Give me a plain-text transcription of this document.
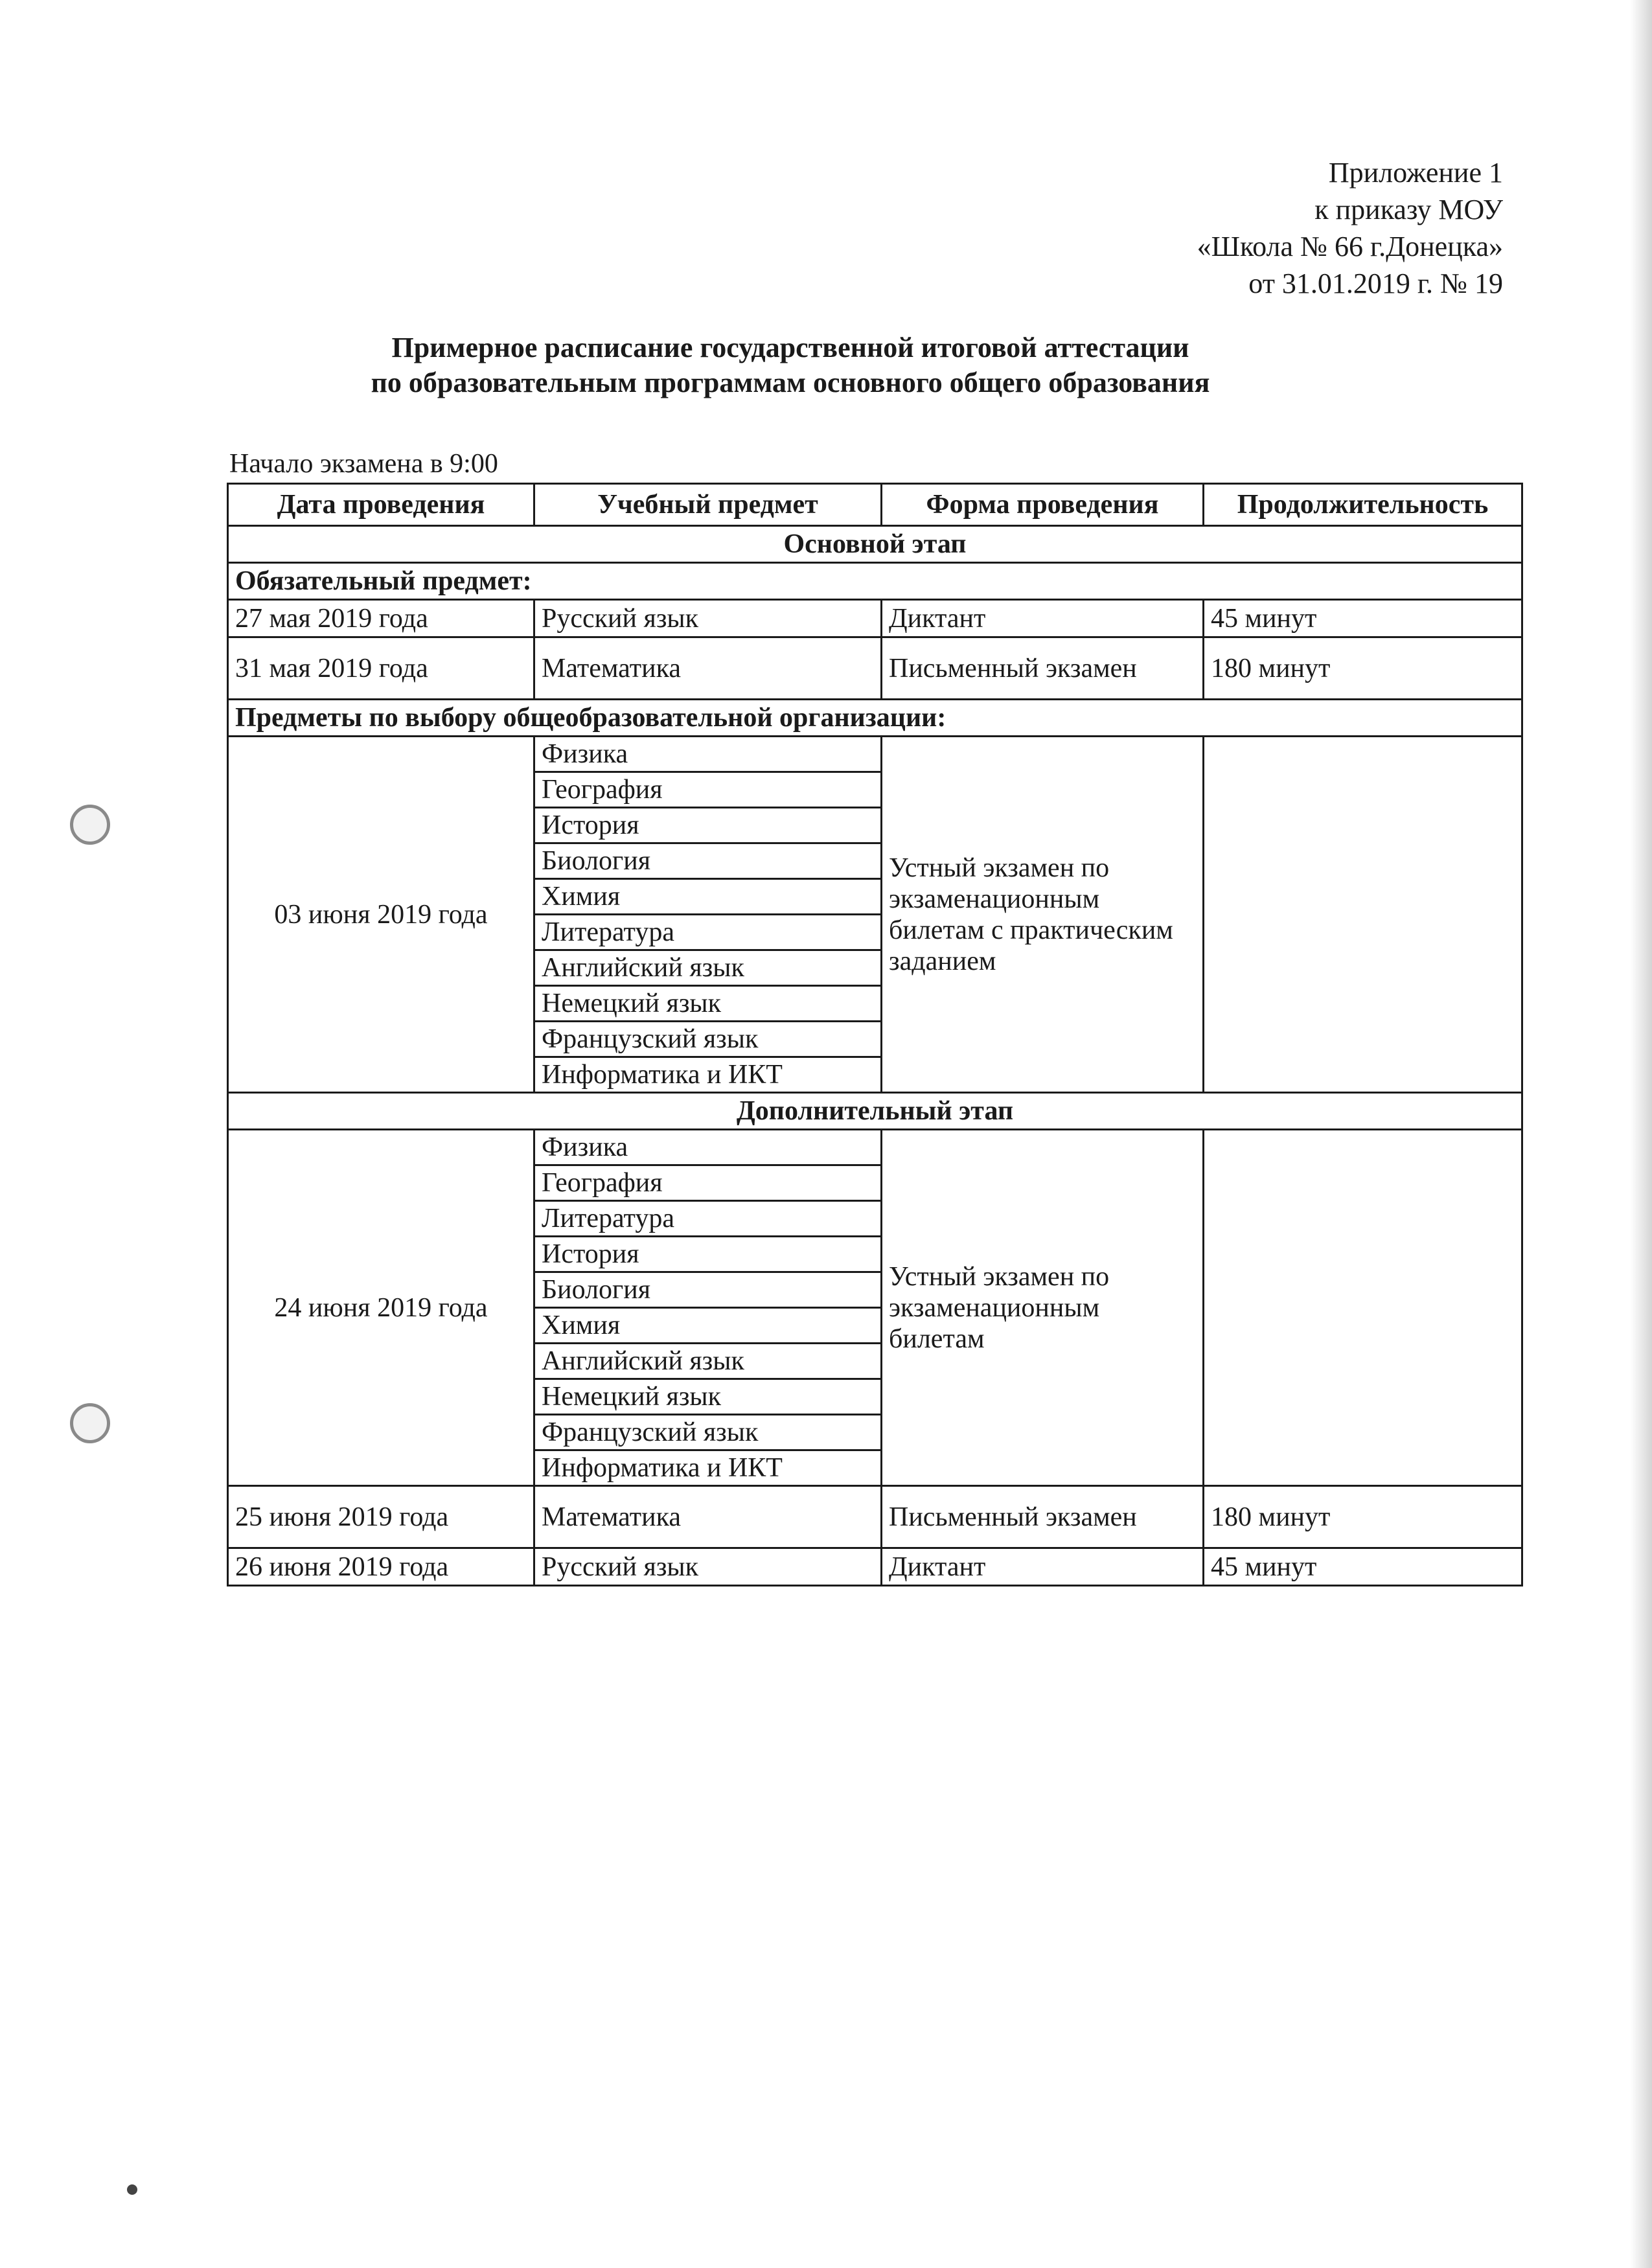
Приложение 1
к приказу МОУ
«Школа № 66 г.Донецка»
от 31.01.2019 г. № 19
Примерное расписание государственной итоговой аттестации
по образовательным программам основного общего образования
Начало экзамена в 9:00
Дата проведения	Учебный предмет	Форма проведения	Продолжительность
Основной этап			
Обязательный предмет:			
27 мая 2019 года	Русский язык	Диктант	45 минут
31 мая 2019 года	Математика	Письменный экзамен	180 минут
Предметы по выбору общеобразовательной организации:			
03 июня 2019 года	Физика	Устный экзамен по экзаменационным билетам с практическим заданием	
	География		
	История		
	Биология		
	Химия		
	Литература		
	Английский язык		
	Немецкий язык		
	Французский язык		
	Информатика и ИКТ		
Дополнительный этап			
24 июня 2019 года	Физика	Устный экзамен по экзаменационным билетам	
	География		
	Литература		
	История		
	Биология		
	Химия		
	Английский язык		
	Немецкий язык		
	Французский язык		
	Информатика и ИКТ		
25 июня 2019 года	Математика	Письменный экзамен	180 минут
26 июня 2019 года	Русский язык	Диктант	45 минут
